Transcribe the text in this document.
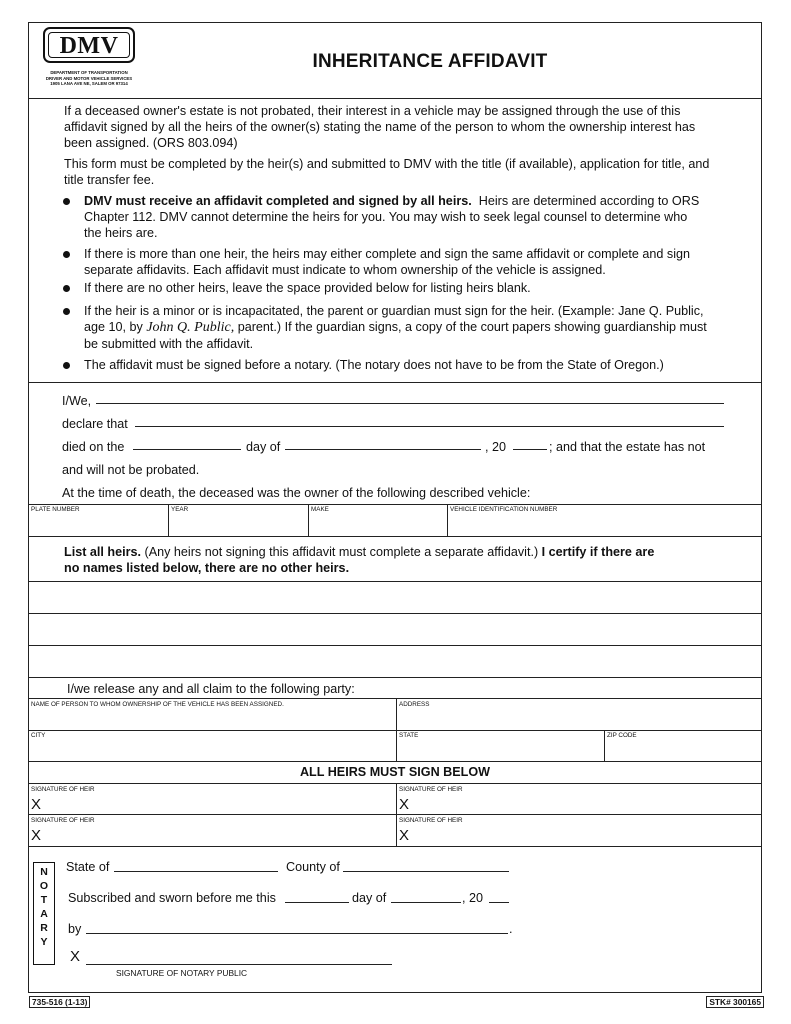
DMV
DEPARTMENT OF TRANSPORTATION
DRIVER AND MOTOR VEHICLE SERVICES
1905 LANA AVE NE, SALEM OR 97314
INHERITANCE AFFIDAVIT
If a deceased owner's estate is not probated, their interest in a vehicle may be assigned through the use of this
affidavit signed by all the heirs of the owner(s) stating the name of the person to whom the ownership interest has
been assigned. (ORS 803.094)
This form must be completed by the heir(s) and submitted to DMV with the title (if available), application for title, and
title transfer fee.
DMV must receive an affidavit completed and signed by all heirs. Heirs are determined according to ORS
Chapter 112. DMV cannot determine the heirs for you. You may wish to seek legal counsel to determine who
the heirs are.
If there is more than one heir, the heirs may either complete and sign the same affidavit or complete and sign
separate affidavits. Each affidavit must indicate to whom ownership of the vehicle is assigned.
If there are no other heirs, leave the space provided below for listing heirs blank.
If the heir is a minor or is incapacitated, the parent or guardian must sign for the heir. (Example: Jane Q. Public,
age 10, by John Q. Public, parent.) If the guardian signs, a copy of the court papers showing guardianship must
be submitted with the affidavit.
The affidavit must be signed before a notary. (The notary does not have to be from the State of Oregon.)
I/We,
declare that
died on the	day of	, 20	; and that the estate has not
and will not be probated.
At the time of death, the deceased was the owner of the following described vehicle:
PLATE NUMBER	YEAR	MAKE	VEHICLE IDENTIFICATION NUMBER
List all heirs. (Any heirs not signing this affidavit must complete a separate affidavit.) I certify if there are
no names listed below, there are no other heirs.
I/we release any and all claim to the following party:
NAME OF PERSON TO WHOM OWNERSHIP OF THE VEHICLE HAS BEEN ASSIGNED.	ADDRESS
CITY	STATE	ZIP CODE
ALL HEIRS MUST SIGN BELOW
SIGNATURE OF HEIR
X
SIGNATURE OF HEIR
X
SIGNATURE OF HEIR
X
SIGNATURE OF HEIR
X
N
O
T
A
R
Y
State of	County of
Subscribed and sworn before me this	day of	, 20
by	.
X
SIGNATURE OF NOTARY PUBLIC
735-516 (1-13)	STK# 300165
